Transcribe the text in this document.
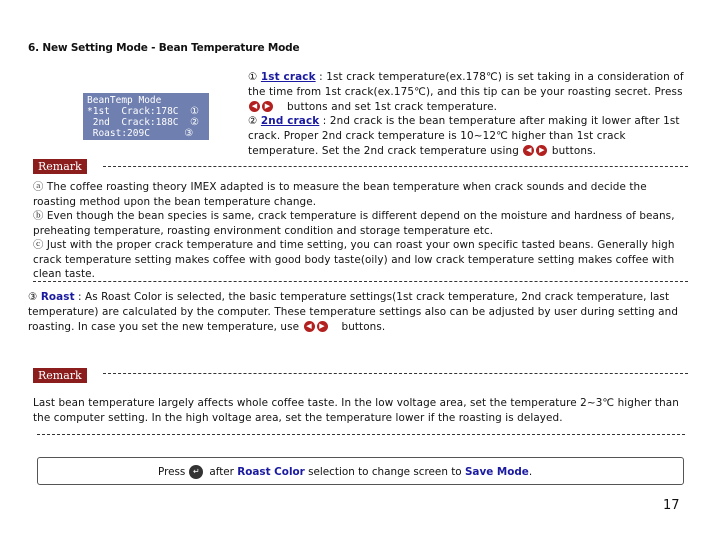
6. New Setting Mode - Bean Temperature Mode
BeanTemp Mode
*1st  Crack:178C ①
2nd  Crack:188C ②
Roast:209C	③
① 1st crack : 1st crack temperature(ex.178℃) is set taking in a consideration of the time from 1st crack(ex.175℃), and this tip can be your roasting secret. Press ◀ ▶ buttons and set 1st crack temperature.
② 2nd crack : 2nd crack is the bean temperature after making it lower after 1st crack. Proper 2nd crack temperature is 10~12℃ higher than 1st crack temperature. Set the 2nd crack temperature using ◀ ▶ buttons.
Remark
ⓐ The coffee roasting theory IMEX adapted is to measure the bean temperature when crack sounds and decide the roasting method upon the bean temperature change.
ⓑ Even though the bean species is same, crack temperature is different depend on the moisture and hardness of beans, preheating temperature, roasting environment condition and storage temperature etc.
ⓒ Just with the proper crack temperature and time setting, you can roast your own specific tasted beans. Generally high crack temperature setting makes coffee with good body taste(oily) and low crack temperature setting makes coffee with clean taste.
③ Roast : As Roast Color is selected, the basic temperature settings(1st crack temperature, 2nd crack temperature, last temperature) are calculated by the computer. These temperature settings also can be adjusted by user during setting and roasting. In case you set the new temperature, use ◀ ▶ buttons.
Remark
Last bean temperature largely affects whole coffee taste. In the low voltage area, set the temperature 2~3℃ higher than the computer setting. In the high voltage area, set the temperature lower if the roasting is delayed.
Press ↵ after Roast Color selection to change screen to Save Mode.
17
